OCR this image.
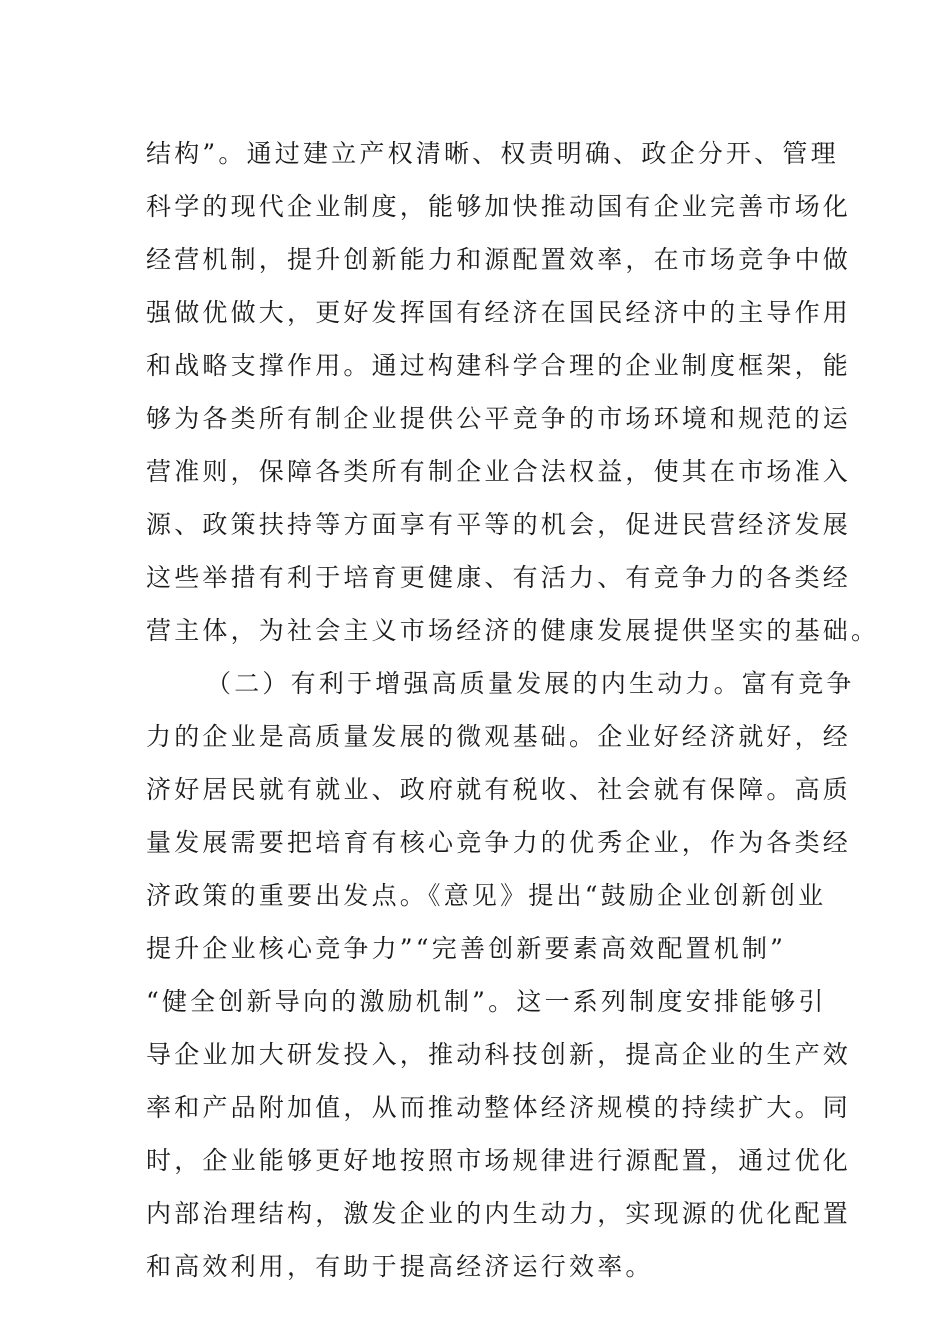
结构”。通过建立产权清晰、权责明确、政企分开、管理
科学的现代企业制度，能够加快推动国有企业完善市场化
经营机制，提升创新能力和源配置效率，在市场竞争中做
强做优做大，更好发挥国有经济在国民经济中的主导作用
和战略支撑作用。通过构建科学合理的企业制度框架，能
够为各类所有制企业提供公平竞争的市场环境和规范的运
营准则，保障各类所有制企业合法权益，使其在市场准入
源、政策扶持等方面享有平等的机会，促进民营经济发展
这些举措有利于培育更健康、有活力、有竞争力的各类经
营主体，为社会主义市场经济的健康发展提供坚实的基础。
（二）有利于增强高质量发展的内生动力。富有竞争
力的企业是高质量发展的微观基础。企业好经济就好，经
济好居民就有就业、政府就有税收、社会就有保障。高质
量发展需要把培育有核心竞争力的优秀企业，作为各类经
济政策的重要出发点。《意见》提出“鼓励企业创新创业
提升企业核心竞争力”“完善创新要素高效配置机制”
“健全创新导向的激励机制”。这一系列制度安排能够引
导企业加大研发投入，推动科技创新，提高企业的生产效
率和产品附加值，从而推动整体经济规模的持续扩大。同
时，企业能够更好地按照市场规律进行源配置，通过优化
内部治理结构，激发企业的内生动力，实现源的优化配置
和高效利用，有助于提高经济运行效率。
